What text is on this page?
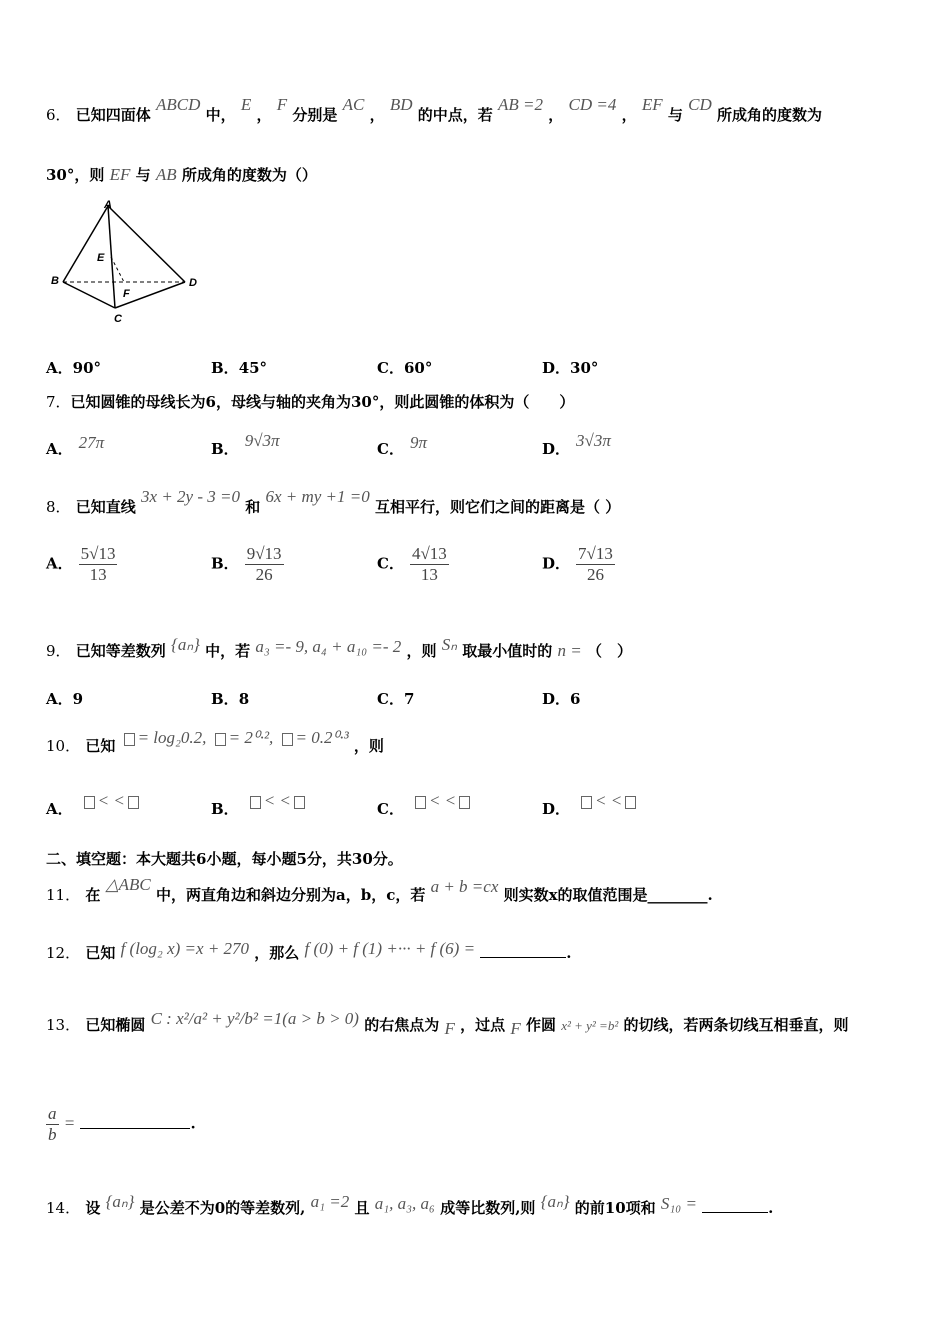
6． 已知四面体 ABCD 中， E ， F 分别是 AC ， BD 的中点，若 AB =2 ， CD =4 ， EF 与 CD 所成角的度数为
30°，则 EF 与 AB 所成角的度数为（）
A
B
C
D
E
F
A．90°	B．45°	C．60°	D．30°
7．已知圆锥的母线长为6，母线与轴的夹角为30°，则此圆锥的体积为（　　）
A． 27π	B． 9√3π	C． 9π	D． 3√3π
8． 已知直线 3x + 2y - 3 =0 和 6x + my +1 =0 互相平行，则它们之间的距离是（ ）
A． $\frac{5√13}{13}$	B． $\frac{9√13}{26}$	C． $\frac{4√13}{13}$	D． $\frac{7√13}{26}$
9． 已知等差数列 {aₙ} 中，若 a₃ =- 9, a₄ + a₁₀ =- 2 ，则 Sₙ 取最小值时的 n = （　）
A．9	B．8	C．7	D．6
10． 已知 = log₂0.2, = 2⁰·², = 0.2⁰·³ ，则
A． < <	B． < <	C． < <	D． < <
二、填空题：本大题共6小题，每小题5分，共30分。
11． 在 △ABC 中，两直角边和斜边分别为a，b，c，若 a + b =cx 则实数x的取值范围是________.
12． 已知 f (log₂ x) =x + 270 ，那么 f (0) + f (1) +··· + f (6) =	.
13． 已知椭圆 C : x²/a² + y²/b² =1(a > b > 0) 的右焦点为 F ，过点 F 作圆 x² + y² =b² 的切线，若两条切线互相垂直，则
$\frac{a}{b}$ =	.
14． 设 {aₙ} 是公差不为0的等差数列, a₁ =2 且 a₁, a₃, a₆ 成等比数列,则 {aₙ} 的前10项和 S₁₀ =	.
